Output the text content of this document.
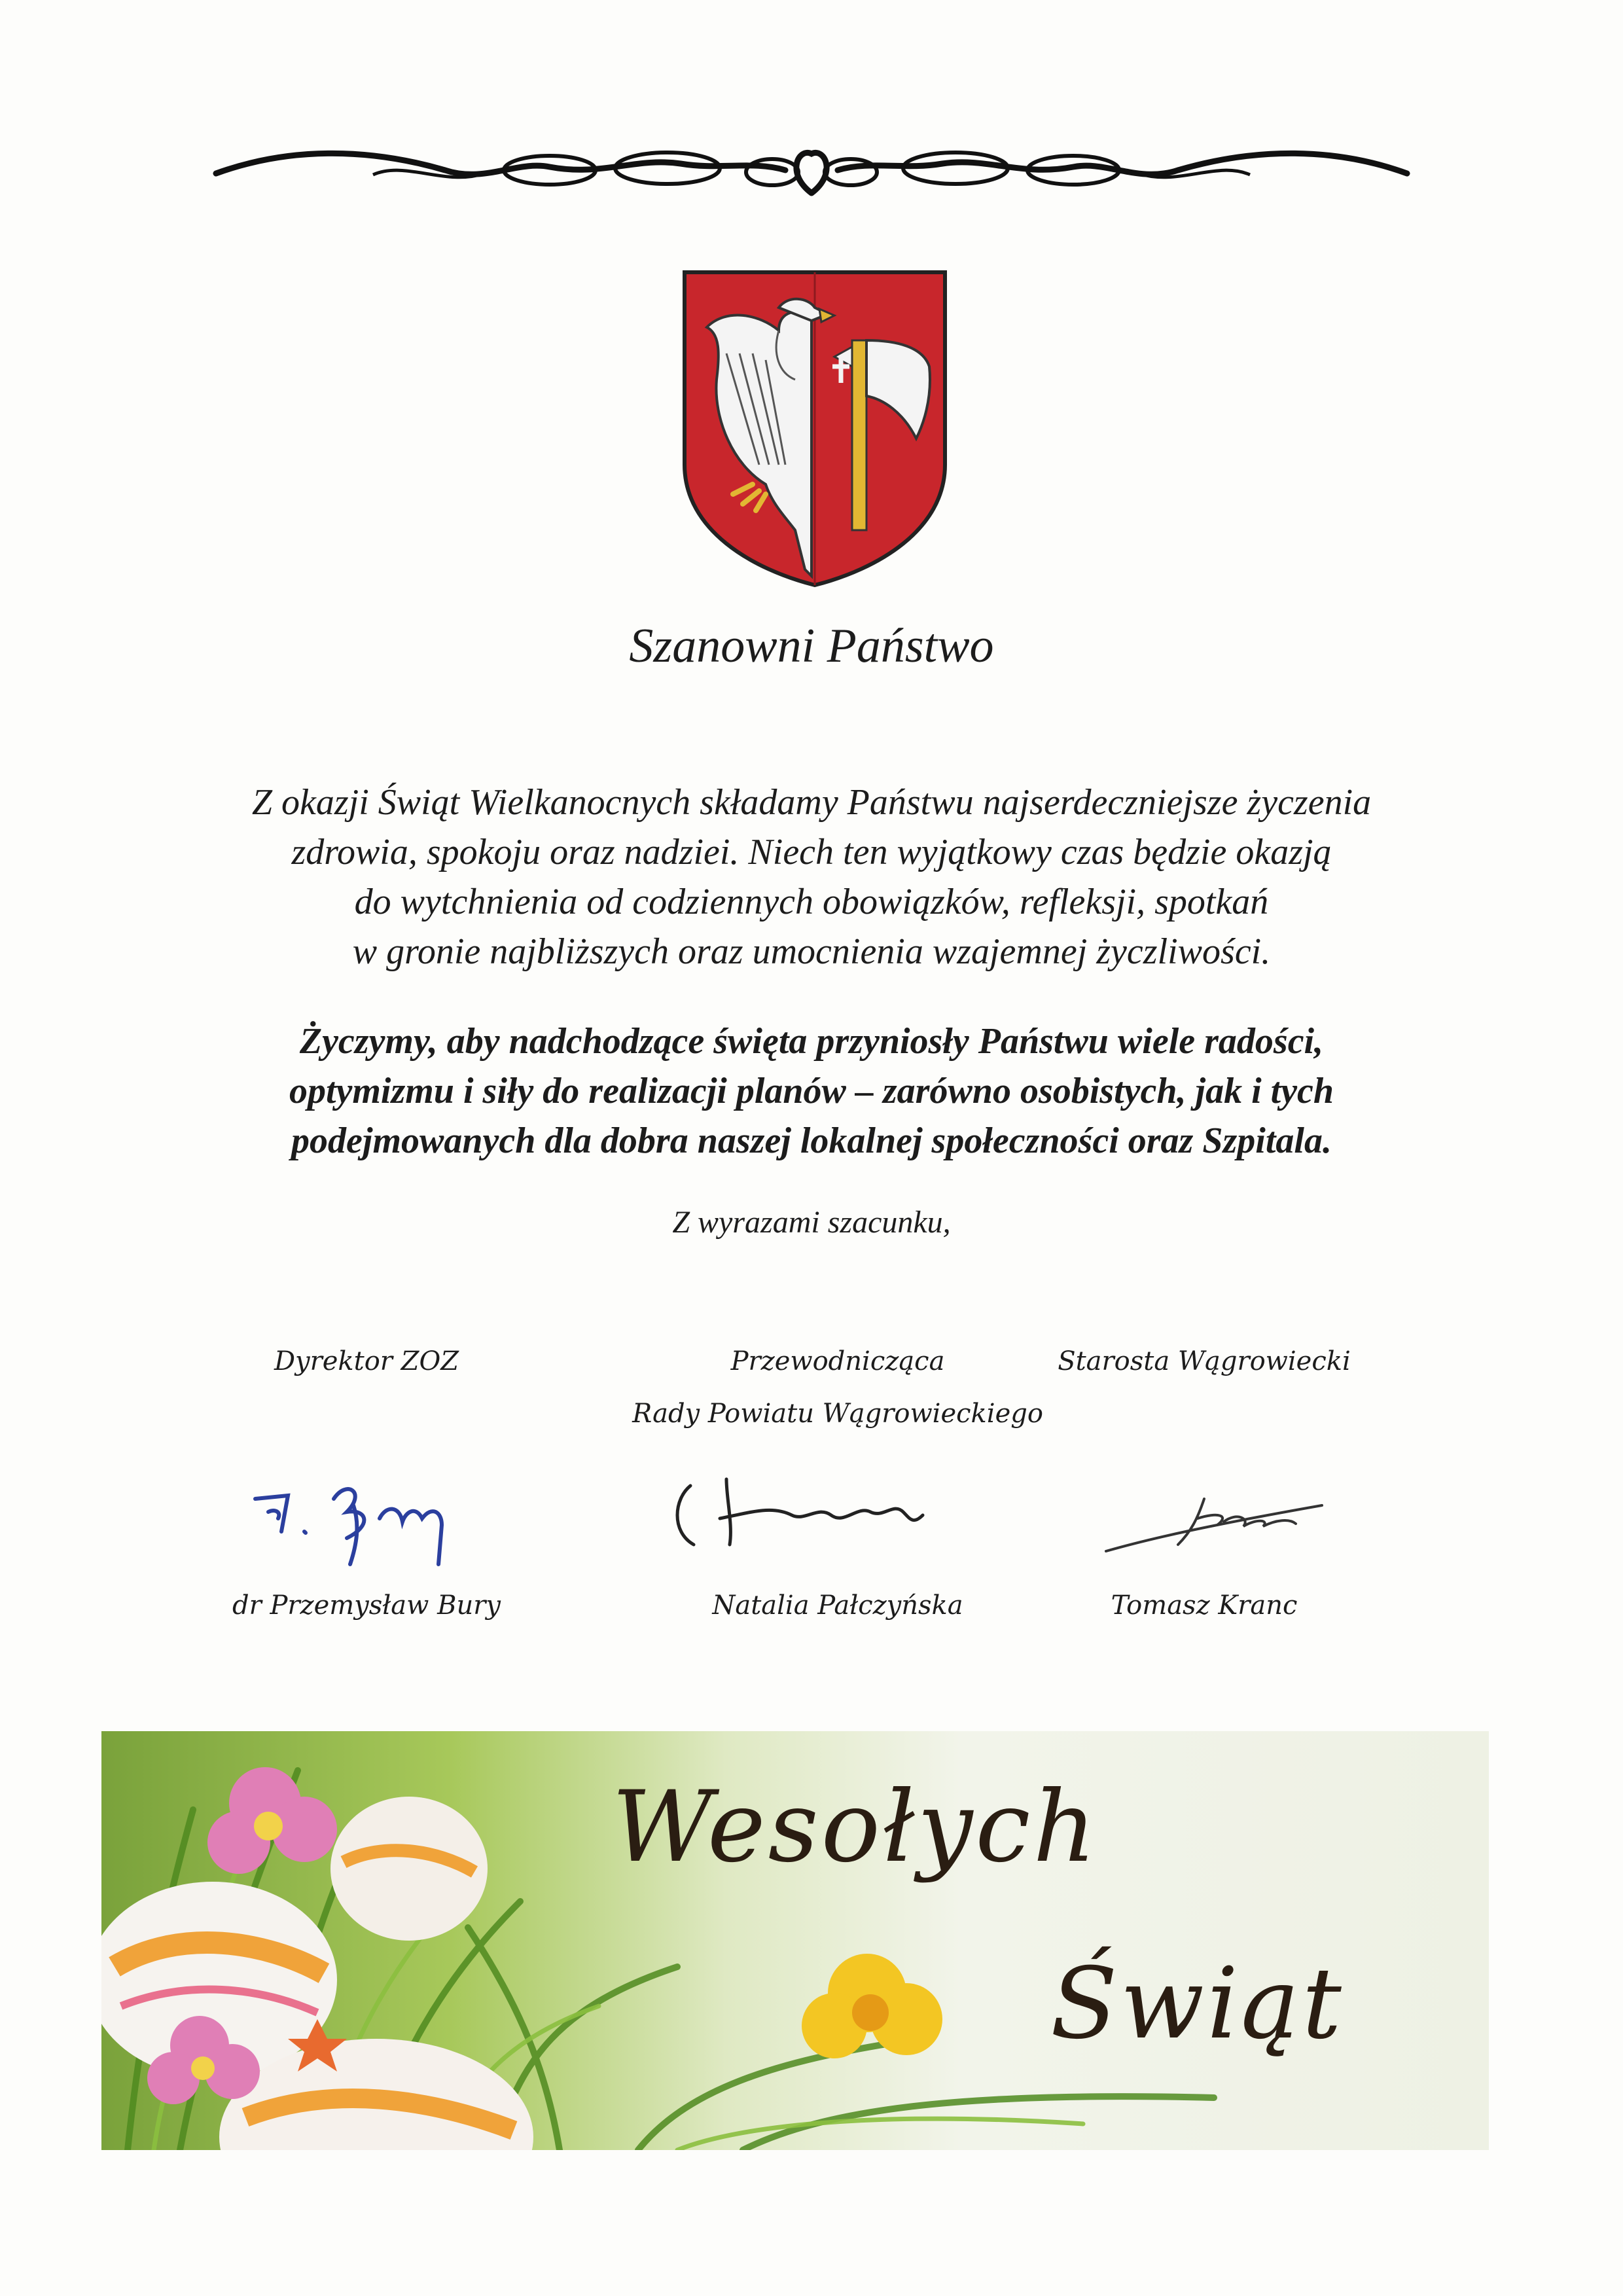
Szanowni Państwo

Z okazji Świąt Wielkanocnych składamy Państwu najserdeczniejsze życzenia
zdrowia, spokoju oraz nadziei. Niech ten wyjątkowy czas będzie okazją
do wytchnienia od codziennych obowiązków, refleksji, spotkań
w gronie najbliższych oraz umocnienia wzajemnej życzliwości.

Życzymy, aby nadchodzące święta przyniosły Państwu wiele radości,
optymizmu i siły do realizacji planów – zarówno osobistych, jak i tych
podejmowanych dla dobra naszej lokalnej społeczności oraz Szpitala.

Z wyrazami szacunku,
Dyrektor ZOZ
dr Przemysław Bury
Przewodnicząca
Rady Powiatu Wągrowieckiego
Natalia Pałczyńska
Starosta Wągrowiecki
Tomasz Kranc
Wesołych
Świąt
